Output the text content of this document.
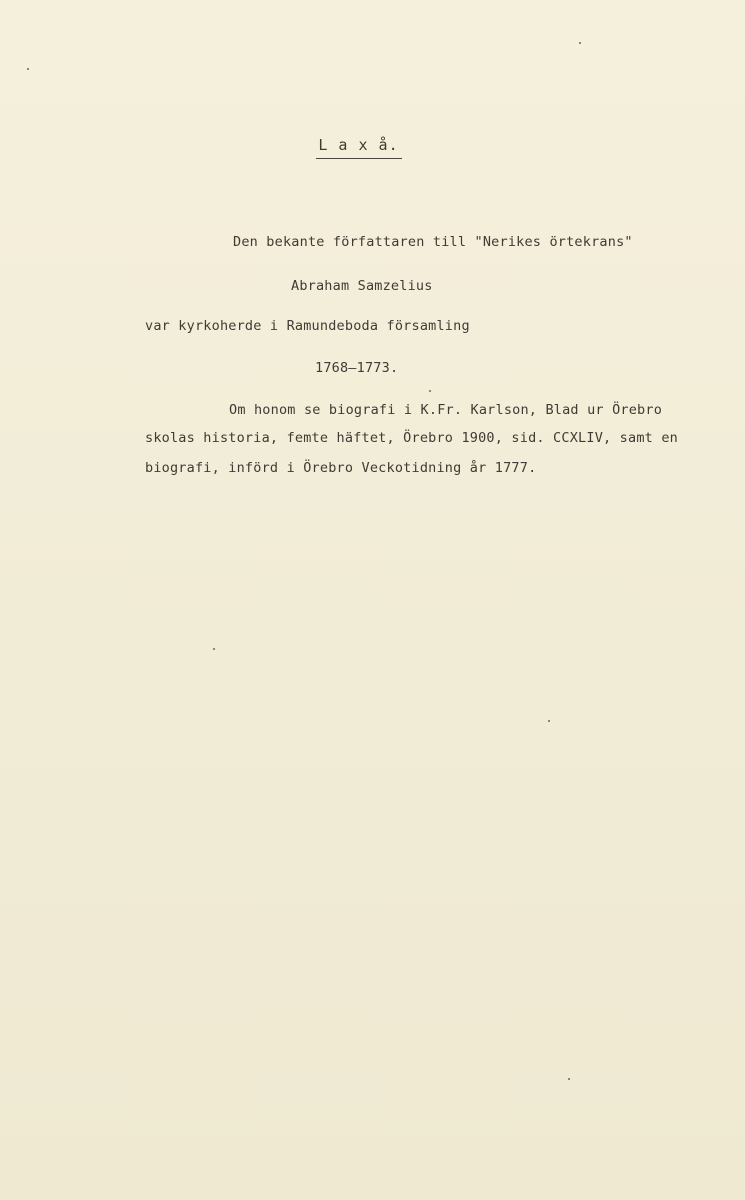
L a x å.
Den bekante författaren till "Nerikes örtekrans"
Abraham Samzelius
var kyrkoherde i Ramundeboda församling
1768–1773.
Om honom se biografi i K.Fr. Karlson, Blad ur Örebro
skolas historia, femte häftet, Örebro 1900, sid. CCXLIV, samt en
biografi, införd i Örebro Veckotidning år 1777.
